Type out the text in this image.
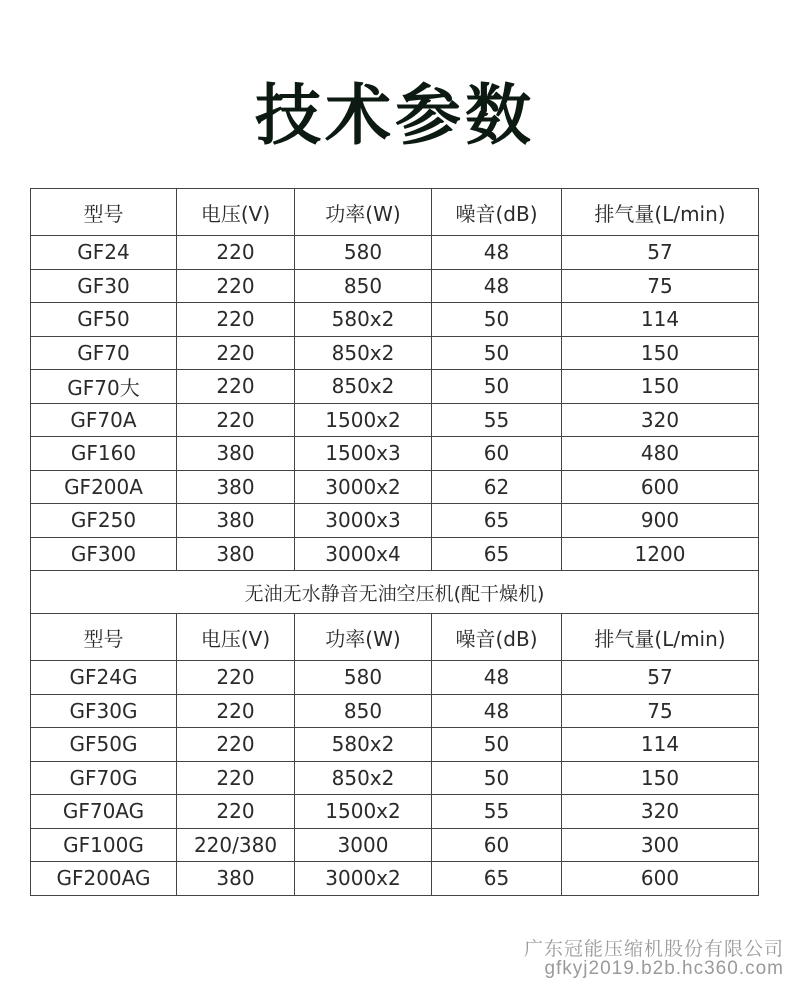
技术参数
型号	电压(V)	功率(W)	噪音(dB)	排气量(L/min)
GF24	220	580	48	57
GF30	220	850	48	75
GF50	220	580x2	50	114
GF70	220	850x2	50	150
GF70大	220	850x2	50	150
GF70A	220	1500x2	55	320
GF160	380	1500x3	60	480
GF200A	380	3000x2	62	600
GF250	380	3000x3	65	900
GF300	380	3000x4	65	1200
无油无水静音无油空压机(配干燥机)				
型号	电压(V)	功率(W)	噪音(dB)	排气量(L/min)
GF24G	220	580	48	57
GF30G	220	850	48	75
GF50G	220	580x2	50	114
GF70G	220	850x2	50	150
GF70AG	220	1500x2	55	320
GF100G	220/380	3000	60	300
GF200AG	380	3000x2	65	600
广东冠能压缩机股份有限公司
gfkyj2019.b2b.hc360.com
